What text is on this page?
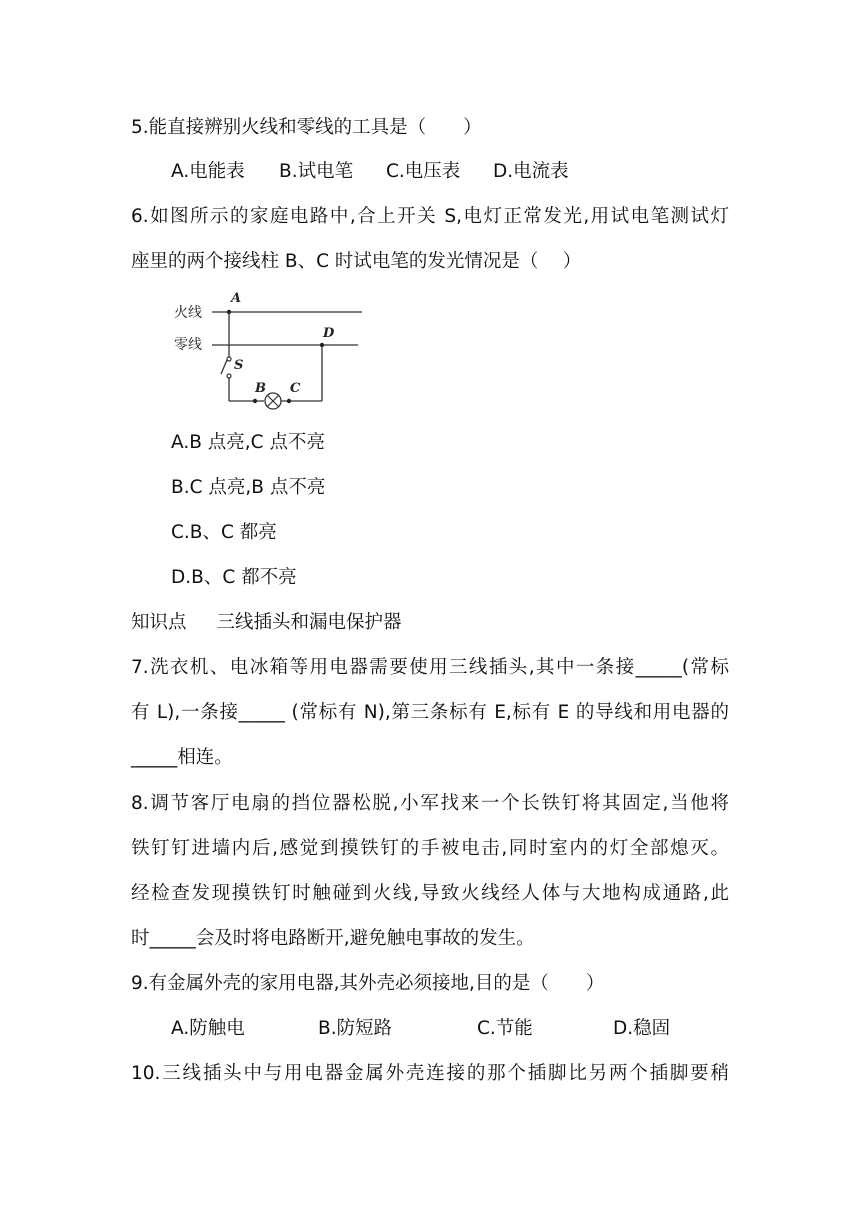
5.能直接辨别火线和零线的工具是（　　）
A.电能表 B.试电笔 C.电压表 D.电流表
6.如图所示的家庭电路中,合上开关 S,电灯正常发光,用试电笔测试灯
座里的两个接线柱 B、C 时试电笔的发光情况是（　 ）
火线
零线
A
S
B C
D
A.B 点亮,C 点不亮
B.C 点亮,B 点不亮
C.B、C 都亮
D.B、C 都不亮
知识点 三线插头和漏电保护器
7.洗衣机、电冰箱等用电器需要使用三线插头,其中一条接_____(常标
有 L),一条接_____ (常标有 N),第三条标有 E,标有 E 的导线和用电器的
_____相连。
8.调节客厅电扇的挡位器松脱,小军找来一个长铁钉将其固定,当他将
铁钉钉进墙内后,感觉到摸铁钉的手被电击,同时室内的灯全部熄灭。
经检查发现摸铁钉时触碰到火线,导致火线经人体与大地构成通路,此
时_____会及时将电路断开,避免触电事故的发生。
9.有金属外壳的家用电器,其外壳必须接地,目的是（　　）
A.防触电	B.防短路	C.节能	D.稳固
10.三线插头中与用电器金属外壳连接的那个插脚比另两个插脚要稍
